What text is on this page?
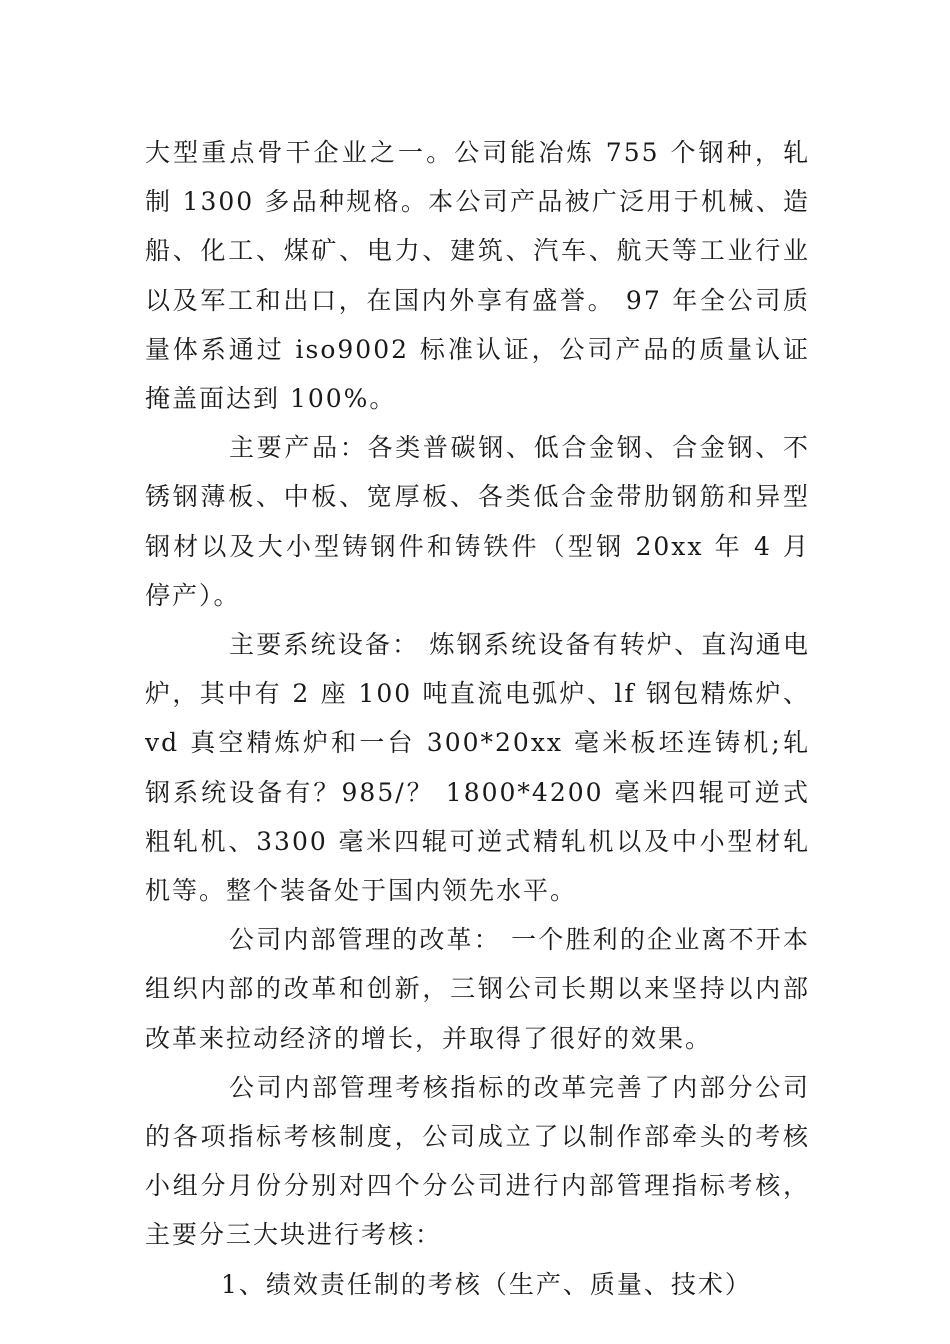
大型重点骨干企业之一。公司能冶炼 755 个钢种，轧制 1300 多品种规格。本公司产品被广泛用于机械、造船、化工、煤矿、电力、建筑、汽车、航天等工业行业以及军工和出口，在国内外享有盛誉。 97 年全公司质量体系通过 iso9002 标准认证，公司产品的质量认证掩盖面达到 100%。

主要产品：各类普碳钢、低合金钢、合金钢、不锈钢薄板、中板、宽厚板、各类低合金带肋钢筋和异型钢材以及大小型铸钢件和铸铁件（型钢 20xx 年 4 月停产）。

主要系统设备： 炼钢系统设备有转炉、直沟通电炉，其中有 2 座 100 吨直流电弧炉、lf 钢包精炼炉、vd 真空精炼炉和一台 300*20xx 毫米板坯连铸机;轧钢系统设备有？985/？ 1800*4200 毫米四辊可逆式粗轧机、3300 毫米四辊可逆式精轧机以及中小型材轧机等。整个装备处于国内领先水平。

公司内部管理的改革： 一个胜利的企业离不开本组织内部的改革和创新，三钢公司长期以来坚持以内部改革来拉动经济的增长，并取得了很好的效果。

公司内部管理考核指标的改革完善了内部分公司的各项指标考核制度，公司成立了以制作部牵头的考核小组分月份分别对四个分公司进行内部管理指标考核，主要分三大块进行考核：

1、绩效责任制的考核（生产、质量、技术）
